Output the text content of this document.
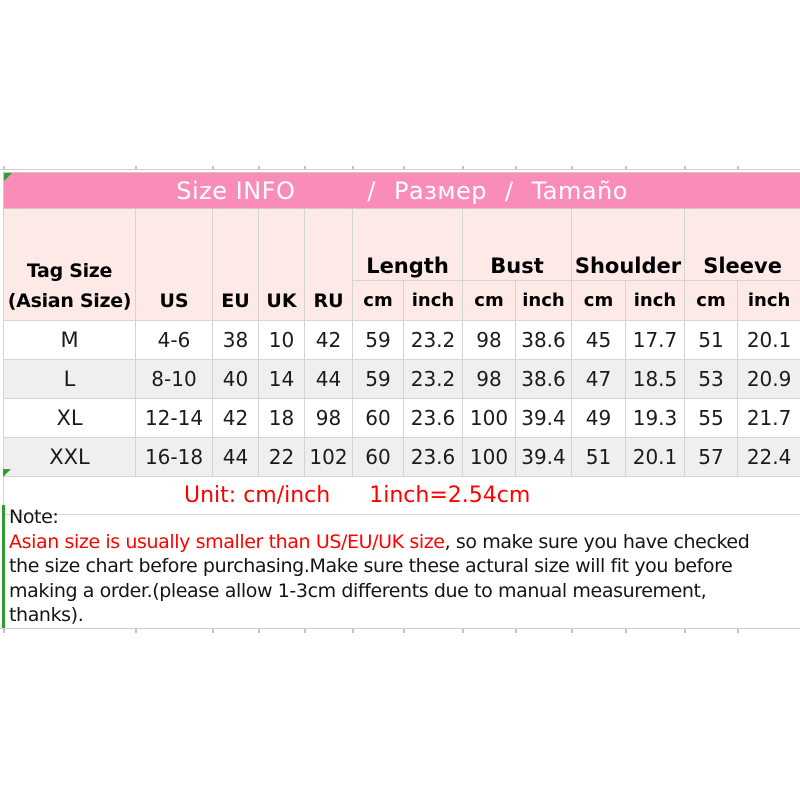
Size INFO / Размер / Tamaño												

Tag Size
(Asian Size)	US	EU	UK	RU	Length		Bust		Shoulder		Sleeve	
					cm	inch	cm	inch	cm	inch	cm	inch
M	4-6	38	10	42	59	23.2	98	38.6	45	17.7	51	20.1
L	8-10	40	14	44	59	23.2	98	38.6	47	18.5	53	20.9
XL	12-14	42	18	98	60	23.6	100	39.4	49	19.3	55	21.7
XXL	16-18	44	22	102	60	23.6	100	39.4	51	20.1	57	22.4
Unit: cm/inch 1inch=2.54cm												
Note:
Asian size is usually smaller than US/EU/UK size, so make sure you have checked
the size chart before purchasing.Make sure these actural size will fit you before
making a order.(please allow 1-3cm differents due to manual measurement,
thanks).
